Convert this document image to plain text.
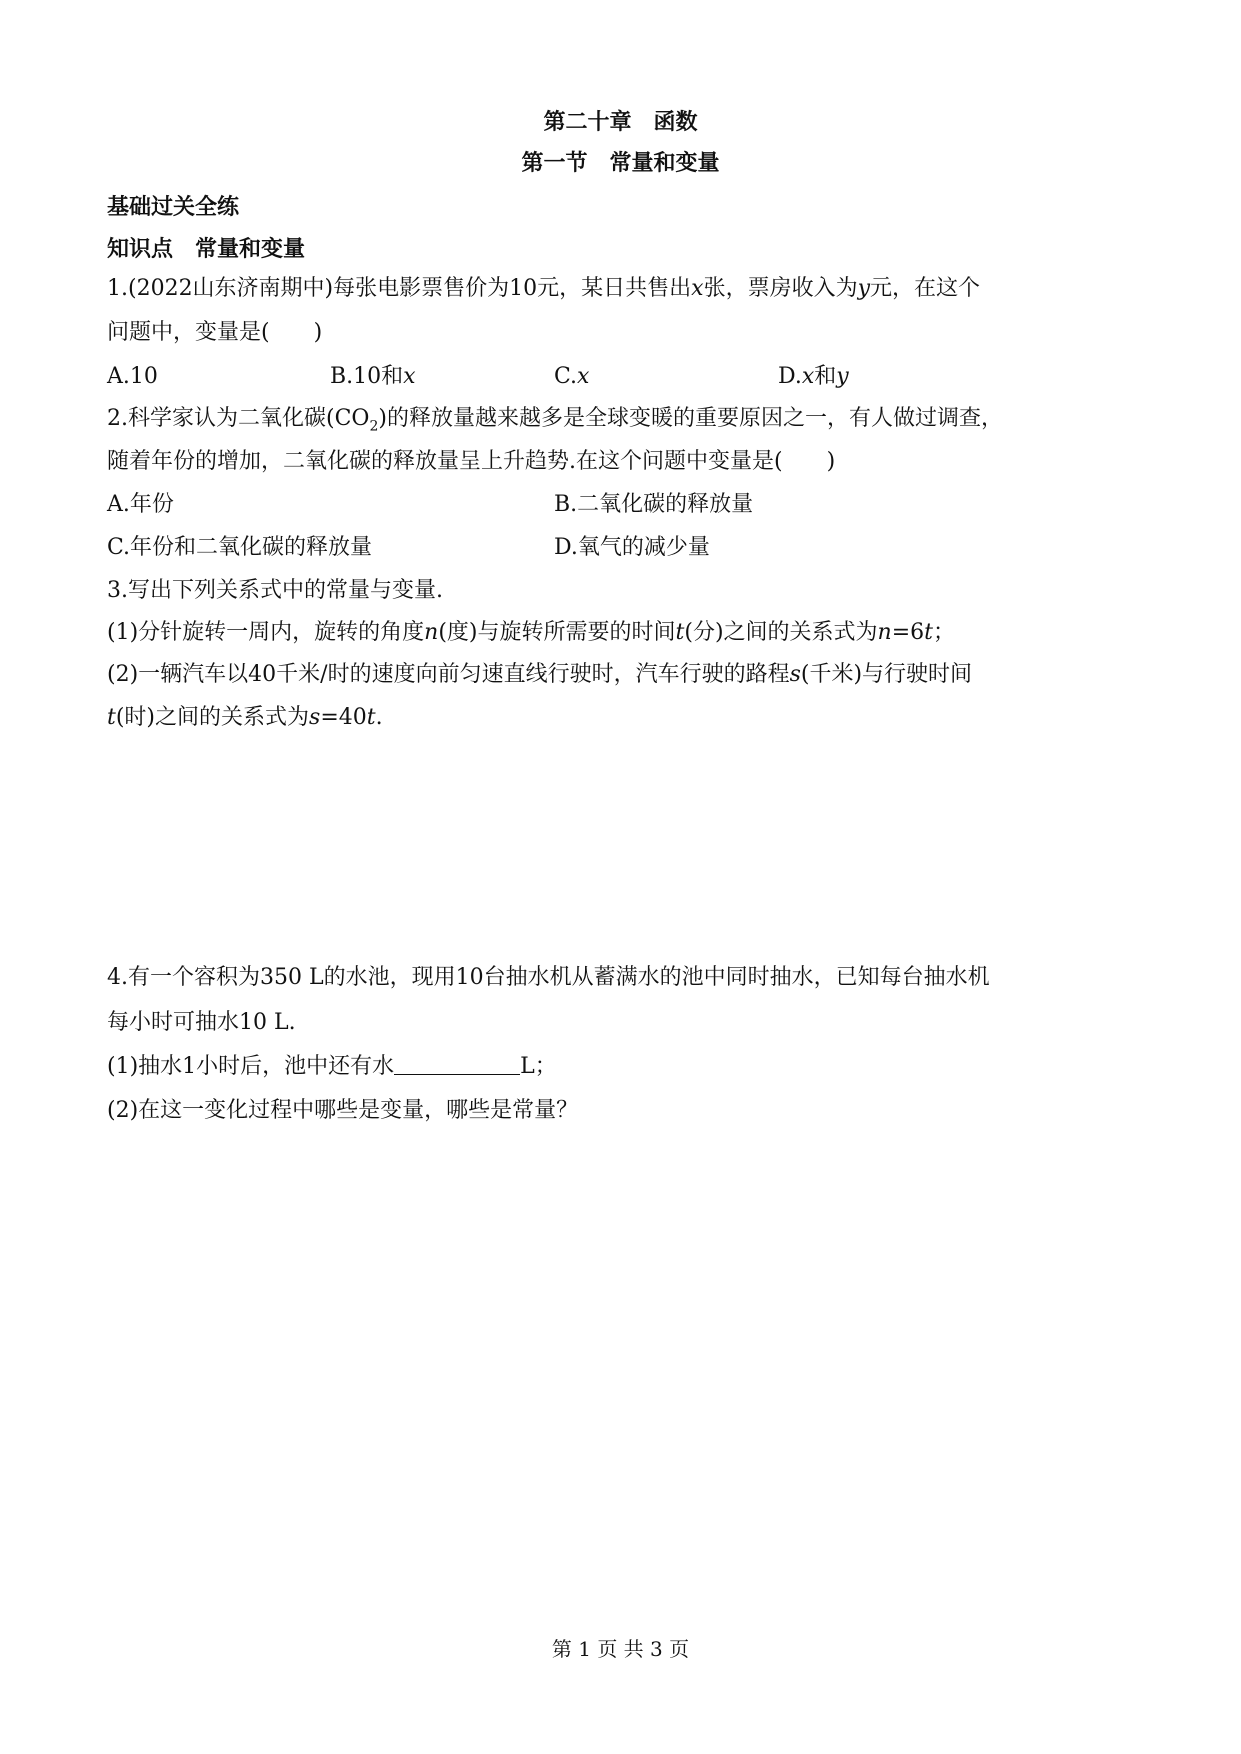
第二十章　函数
第一节　常量和变量
基础过关全练
知识点　常量和变量
1.(2022山东济南期中)每张电影票售价为10元，某日共售出x张，票房收入为y元，在这个
问题中，变量是(　　)
A.10	B.10和x	C.x	D.x和y
2.科学家认为二氧化碳$(CO_2)$的释放量越来越多是全球变暖的重要原因之一，有人做过调查，
随着年份的增加，二氧化碳的释放量呈上升趋势.在这个问题中变量是(　　)
A.年份	B.二氧化碳的释放量
C.年份和二氧化碳的释放量	D.氧气的减少量
3.写出下列关系式中的常量与变量.
(1)分针旋转一周内，旋转的角度n(度)与旋转所需要的时间t(分)之间的关系式为n=6t；
(2)一辆汽车以40千米/时的速度向前匀速直线行驶时，汽车行驶的路程s(千米)与行驶时间
t(时)之间的关系式为s=40t.
4.有一个容积为350 L的水池，现用10台抽水机从蓄满水的池中同时抽水，已知每台抽水机
每小时可抽水10 L.
(1)抽水1小时后，池中还有水	L；
(2)在这一变化过程中哪些是变量，哪些是常量？
第 1 页 共 3 页
